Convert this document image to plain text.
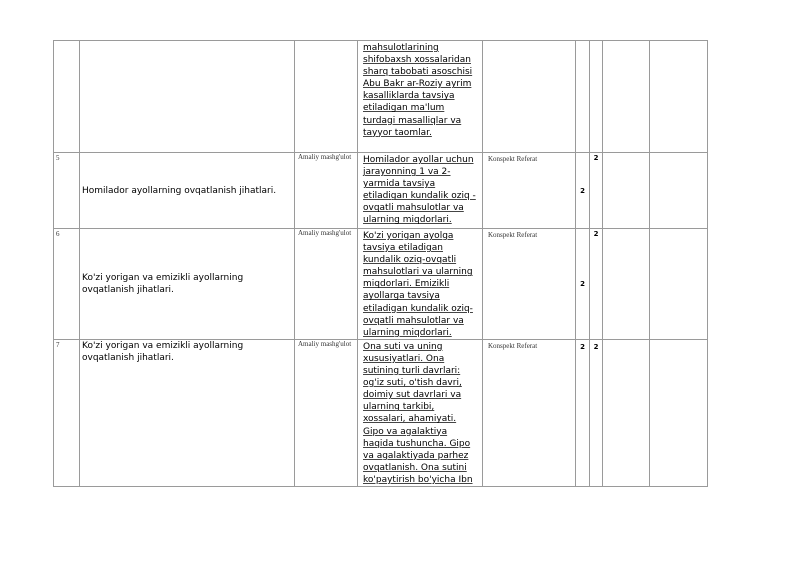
			mahsulotlarining shifobaxsh xossalaridan sharq tabobati asoschisi Abu Bakr ar-Roziy ayrim kasalliklarda tavsiya etiladigan ma'lum turdagi masalliqlar va tayyor taomlar.					

5	Homilador ayollarning ovqatlanish jihatlari.	Amaliy mashg'ulot	Homilador ayollar uchun jarayonning 1 va 2-yarmida tavsiya etiladigan kundalik oziq - ovqatli mahsulotlar va ularning miqdorlari.	Konspekt Referat	2	2		

6	Ko'zi yorigan va emizikli ayollarning ovqatlanish jihatlari.	Amaliy mashg'ulot	Ko'zi yorigan ayolga tavsiya etiladigan kundalik oziq-ovqatli mahsulotlari va ularning miqdorlari. Emizikli ayollarga tavsiya etiladigan kundalik oziq-ovqatli mahsulotlar va ularning miqdorlari.	Konspekt Referat	2	2		

7	Ko'zi yorigan va emizikli ayollarning ovqatlanish jihatlari.	Amaliy mashg'ulot	Ona suti va uning xususiyatlari. Ona sutining turli davrlari: og'iz suti, o'tish davri, doimiy sut davrlari va ularning tarkibi, xossalari, ahamiyati. Gipo va agalaktiya haqida tushuncha. Gipo va agalaktiyada parhez ovqatlanish. Ona sutini ko'paytirish bo'yicha Ibn	Konspekt Referat	2	2		
